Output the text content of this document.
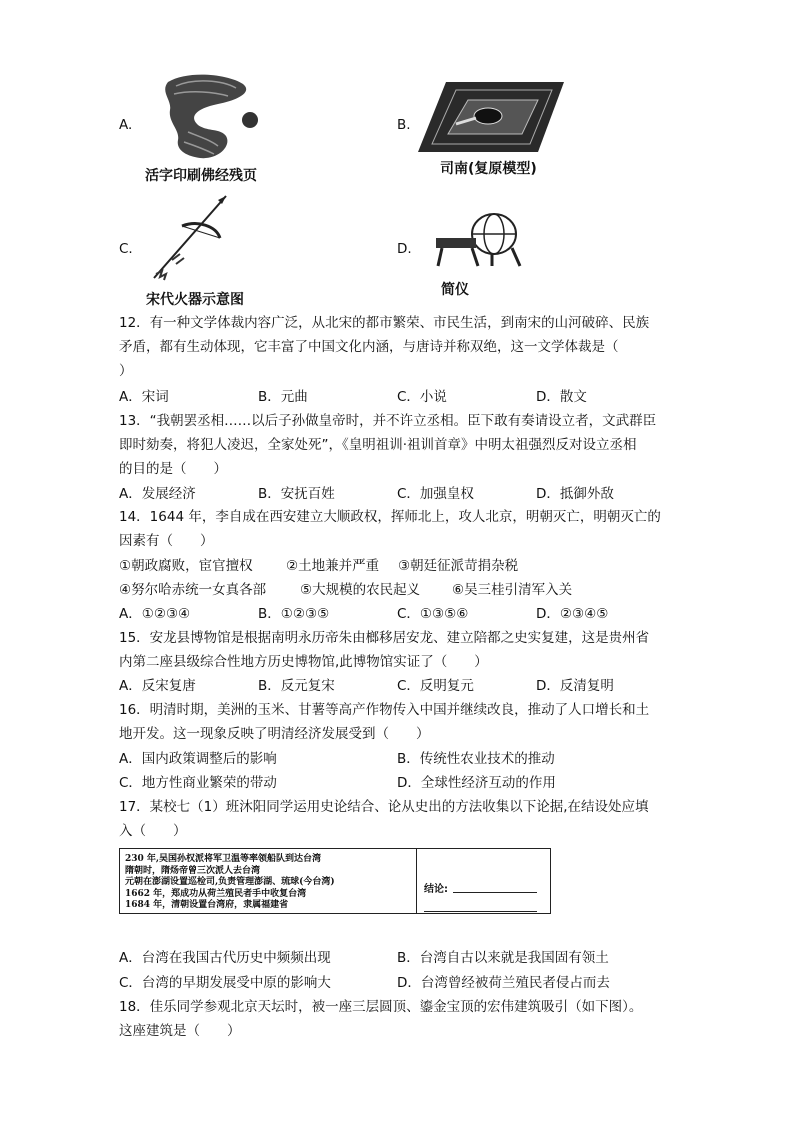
A.
活字印刷佛经残页
B.
司南(复原模型)
C.
宋代火器示意图
D.
简仪
12．有一种文学体裁内容广泛，从北宋的都市繁荣、市民生活，到南宋的山河破碎、民族
矛盾，都有生动体现，它丰富了中国文化内涵，与唐诗并称双绝，这一文学体裁是（
）
A．宋词	B．元曲	C．小说	D．散文
13．“我朝罢丞相……以后子孙做皇帝时，并不许立丞相。臣下敢有奏请设立者，文武群臣
即时劾奏，将犯人凌迟，全家处死”，《皇明祖训·祖训首章》中明太祖强烈反对设立丞相
的目的是（　　）
A．发展经济	B．安抚百姓	C．加强皇权	D．抵御外敌
14．1644 年，李自成在西安建立大顺政权，挥师北上，攻人北京，明朝灭亡，明朝灭亡的
因素有（　　）
①朝政腐败，宦官擅权 ②土地兼并严重 ③朝廷征派苛捐杂税
④努尔哈赤统一女真各部	⑤大规模的农民起义 ⑥吴三桂引清军入关
A．①②③④	B．①②③⑤	C．①③⑤⑥	D．②③④⑤
15．安龙县博物馆是根据南明永历帝朱由榔移居安龙、建立陪都之史实复建，这是贵州省
内第二座县级综合性地方历史博物馆,此博物馆实证了（　　）
A．反宋复唐	B．反元复宋	C．反明复元	D．反清复明
16．明清时期，美洲的玉米、甘薯等高产作物传入中国并继续改良，推动了人口增长和土
地开发。这一现象反映了明清经济发展受到（　　）
A．国内政策调整后的影响	B．传统性农业技术的推动
C．地方性商业繁荣的带动	D．全球性经济互动的作用
17．某校七（1）班沐阳同学运用史论结合、论从史出的方法收集以下论据,在结设处应填
入（　　）
230 年,吴国孙权派将军卫温等率领船队到达台湾
隋朝时，隋炀帝曾三次派人去台湾
元朝在澎湖设置巡检司,负责管理澎湖、琉球(今台湾)
1662 年，郑成功从荷兰殖民者手中收复台湾
1684 年，清朝设置台湾府，隶属福建省
结论:
A．台湾在我国古代历史中频频出现	B．台湾自古以来就是我国固有领土
C．台湾的早期发展受中原的影响大	D．台湾曾经被荷兰殖民者侵占而去
18．佳乐同学参观北京天坛时，被一座三层圆顶、鎏金宝顶的宏伟建筑吸引（如下图）。
这座建筑是（　　）
